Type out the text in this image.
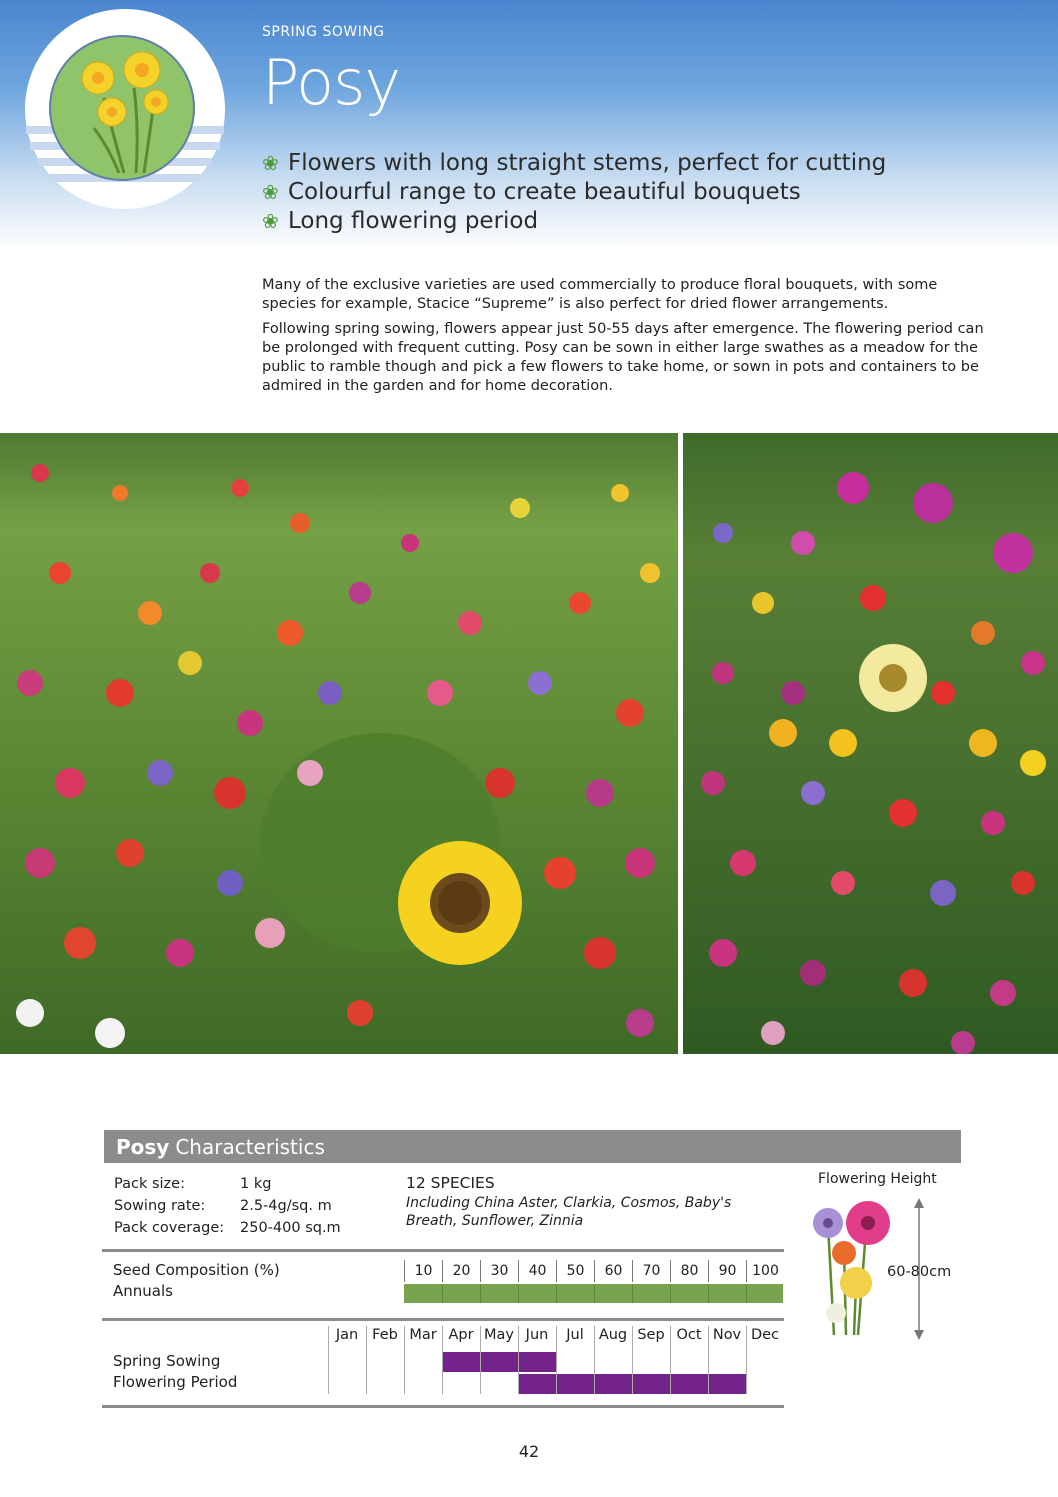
SPRING SOWING
Posy
❀ Flowers with long straight stems, perfect for cutting
❀ Colourful range to create beautiful bouquets
❀ Long flowering period

Many of the exclusive varieties are used commercially to produce floral bouquets, with some species for example, Stacice “Supreme” is also perfect for dried flower arrangements.

Following spring sowing, flowers appear just 50-55 days after emergence. The flowering period can be prolonged with frequent cutting. Posy can be sown in either large swathes as a meadow for the public to ramble though and pick a few flowers to take home, or sown in pots and containers to be admired in the garden and for home decoration.

Posy Characteristics
Pack size:	1 kg
Sowing rate:	2.5-4g/sq. m
Pack coverage:	250-400 sq.m
12 SPECIES
Including China Aster, Clarkia, Cosmos, Baby's Breath, Sunflower, Zinnia
Flowering Height
60-80cm
Seed Composition (%)
Annuals
10	20	30	40	50	60	70	80	90	100
Jan Feb Mar Apr May Jun	Jul	Aug Sep Oct Nov Dec
Spring Sowing
Flowering Period
42
